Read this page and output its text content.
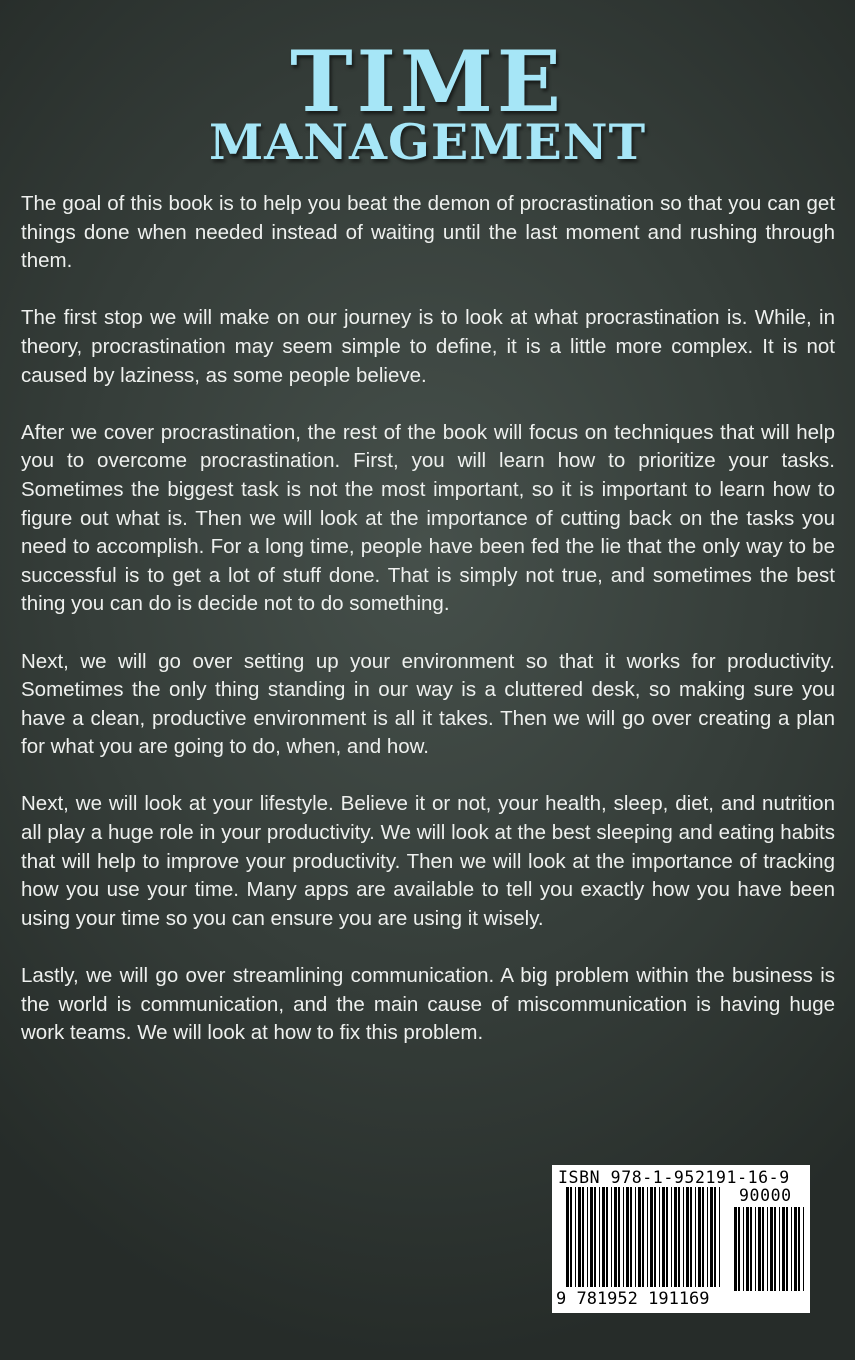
TIME
MANAGEMENT

The goal of this book is to help you beat the demon of procrastination so that you can get things done when needed instead of waiting until the last moment and rushing through them.

The first stop we will make on our journey is to look at what procrastination is. While, in theory, procrastination may seem simple to define, it is a little more complex. It is not caused by laziness, as some people believe.

After we cover procrastination, the rest of the book will focus on techniques that will help you to overcome procrastination. First, you will learn how to prioritize your tasks. Sometimes the biggest task is not the most important, so it is important to learn how to figure out what is. Then we will look at the importance of cutting back on the tasks you need to accomplish. For a long time, people have been fed the lie that the only way to be successful is to get a lot of stuff done. That is simply not true, and sometimes the best thing you can do is decide not to do something.

Next, we will go over setting up your environment so that it works for productivity. Sometimes the only thing standing in our way is a cluttered desk, so making sure you have a clean, productive environment is all it takes. Then we will go over creating a plan for what you are going to do, when, and how.

Next, we will look at your lifestyle. Believe it or not, your health, sleep, diet, and nutrition all play a huge role in your productivity. We will look at the best sleeping and eating habits that will help to improve your productivity. Then we will look at the importance of tracking how you use your time. Many apps are available to tell you exactly how you have been using your time so you can ensure you are using it wisely.

Lastly, we will go over streamlining communication. A big problem within the business is the world is communication, and the main cause of miscommunication is having huge work teams. We will look at how to fix this problem.

ISBN 978-1-952191-16-9
90000
9 781952 191169
